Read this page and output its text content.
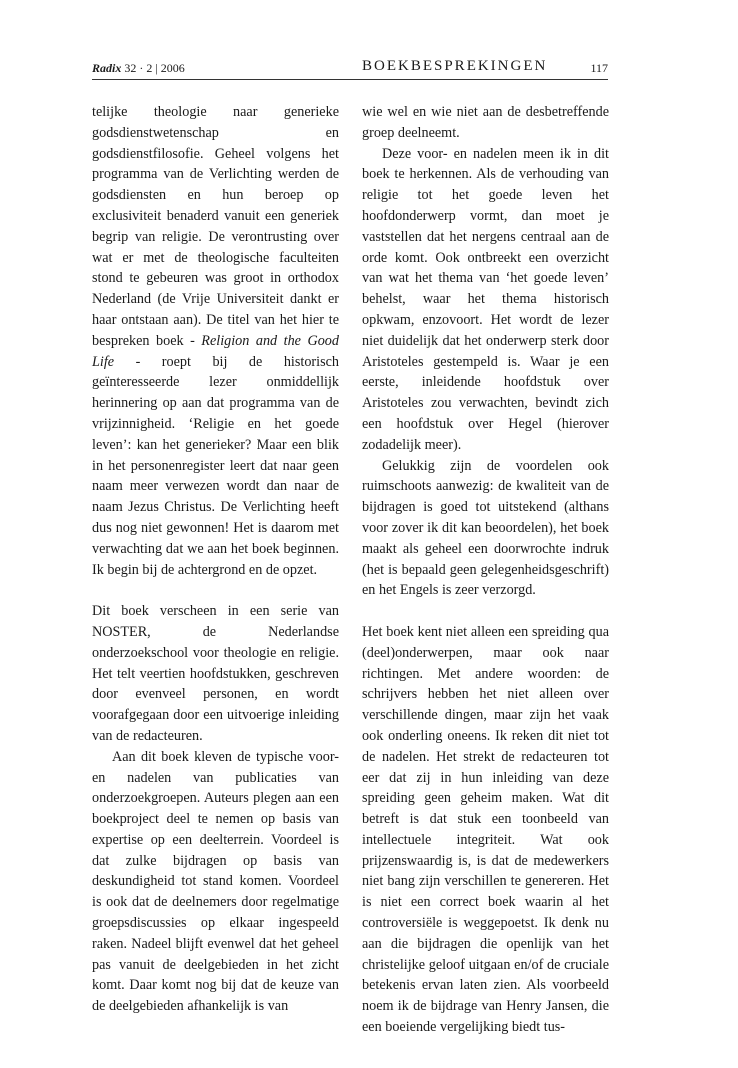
Radix 32 · 2 | 2006	BOEKBESPREKINGEN	117

telijke theologie naar generieke godsdienstwetenschap en godsdienstfilosofie. Geheel volgens het programma van de Verlichting werden de godsdiensten en hun beroep op exclusiviteit benaderd vanuit een generiek begrip van religie. De verontrusting over wat er met de theologische faculteiten stond te gebeuren was groot in orthodox Nederland (de Vrije Universiteit dankt er haar ontstaan aan). De titel van het hier te bespreken boek - Religion and the Good Life - roept bij de historisch geïnteresseerde lezer onmiddellijk herinnering op aan dat programma van de vrijzinnigheid. ‘Religie en het goede leven’: kan het generieker? Maar een blik in het personenregister leert dat naar geen naam meer verwezen wordt dan naar de naam Jezus Christus. De Verlichting heeft dus nog niet gewonnen! Het is daarom met verwachting dat we aan het boek beginnen. Ik begin bij de achtergrond en de opzet.

Dit boek verscheen in een serie van NOSTER, de Nederlandse onderzoekschool voor theologie en religie. Het telt veertien hoofdstukken, geschreven door evenveel personen, en wordt voorafgegaan door een uitvoerige inleiding van de redacteuren.

Aan dit boek kleven de typische voor- en nadelen van publicaties van onderzoekgroepen. Auteurs plegen aan een boekproject deel te nemen op basis van expertise op een deelterrein. Voordeel is dat zulke bijdragen op basis van deskundigheid tot stand komen. Voordeel is ook dat de deelnemers door regelmatige groepsdiscussies op elkaar ingespeeld raken. Nadeel blijft evenwel dat het geheel pas vanuit de deelgebieden in het zicht komt. Daar komt nog bij dat de keuze van de deelgebieden afhankelijk is van

wie wel en wie niet aan de desbetreffende groep deelneemt.

Deze voor- en nadelen meen ik in dit boek te herkennen. Als de verhouding van religie tot het goede leven het hoofdonderwerp vormt, dan moet je vaststellen dat het nergens centraal aan de orde komt. Ook ontbreekt een overzicht van wat het thema van ‘het goede leven’ behelst, waar het thema historisch opkwam, enzovoort. Het wordt de lezer niet duidelijk dat het onderwerp sterk door Aristoteles gestempeld is. Waar je een eerste, inleidende hoofdstuk over Aristoteles zou verwachten, bevindt zich een hoofdstuk over Hegel (hierover zodadelijk meer).

Gelukkig zijn de voordelen ook ruimschoots aanwezig: de kwaliteit van de bijdragen is goed tot uitstekend (althans voor zover ik dit kan beoordelen), het boek maakt als geheel een doorwrochte indruk (het is bepaald geen gelegenheidsgeschrift) en het Engels is zeer verzorgd.

Het boek kent niet alleen een spreiding qua (deel)onderwerpen, maar ook naar richtingen. Met andere woorden: de schrijvers hebben het niet alleen over verschillende dingen, maar zijn het vaak ook onderling oneens. Ik reken dit niet tot de nadelen. Het strekt de redacteuren tot eer dat zij in hun inleiding van deze spreiding geen geheim maken. Wat dit betreft is dat stuk een toonbeeld van intellectuele integriteit. Wat ook prijzenswaardig is, is dat de medewerkers niet bang zijn verschillen te genereren. Het is niet een correct boek waarin al het controversiële is weggepoetst. Ik denk nu aan die bijdragen die openlijk van het christelijke geloof uitgaan en/of de cruciale betekenis ervan laten zien. Als voorbeeld noem ik de bijdrage van Henry Jansen, die een boeiende vergelijking biedt tus-
